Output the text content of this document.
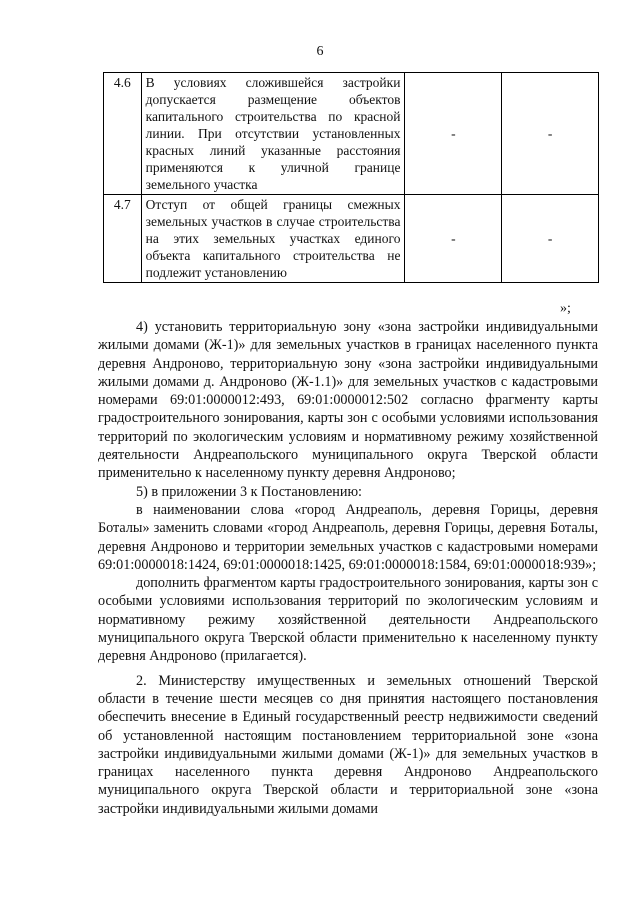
6
4.6	В условиях сложившейся застройки допускается размещение объектов капитального строительства по красной линии. При отсутствии установленных красных линий указанные расстояния применяются к уличной границе земельного участка	-	-
4.7	Отступ от общей границы смежных земельных участков в случае строительства на этих земельных участках единого объекта капитального строительства не подлежит установлению	-	-
»;

4) установить территориальную зону «зона застройки индивидуальными жилыми домами (Ж-1)» для земельных участков в границах населенного пункта деревня Андроново, территориальную зону «зона застройки индивидуальными жилыми домами д. Андроново (Ж-1.1)» для земельных участков с кадастровыми номерами 69:01:0000012:493, 69:01:0000012:502 согласно фрагменту карты градостроительного зонирования, карты зон с особыми условиями использования территорий по экологическим условиям и нормативному режиму хозяйственной деятельности Андреапольского муниципального округа Тверской области применительно к населенному пункту деревня Андроново;

5) в приложении 3 к Постановлению:

в наименовании слова «город Андреаполь, деревня Горицы, деревня Боталы» заменить словами «город Андреаполь, деревня Горицы, деревня Боталы, деревня Андроново и территории земельных участков с кадастровыми номерами 69:01:0000018:1424, 69:01:0000018:1425, 69:01:0000018:1584, 69:01:0000018:939»;

дополнить фрагментом карты градостроительного зонирования, карты зон с особыми условиями использования территорий по экологическим условиям и нормативному режиму хозяйственной деятельности Андреапольского муниципального округа Тверской области применительно к населенному пункту деревня Андроново (прилагается).

2. Министерству имущественных и земельных отношений Тверской области в течение шести месяцев со дня принятия настоящего постановления обеспечить внесение в Единый государственный реестр недвижимости сведений об установленной настоящим постановлением территориальной зоне «зона застройки индивидуальными жилыми домами (Ж-1)» для земельных участков в границах населенного пункта деревня Андроново Андреапольского муниципального округа Тверской области и территориальной зоне «зона застройки индивидуальными жилыми домами
